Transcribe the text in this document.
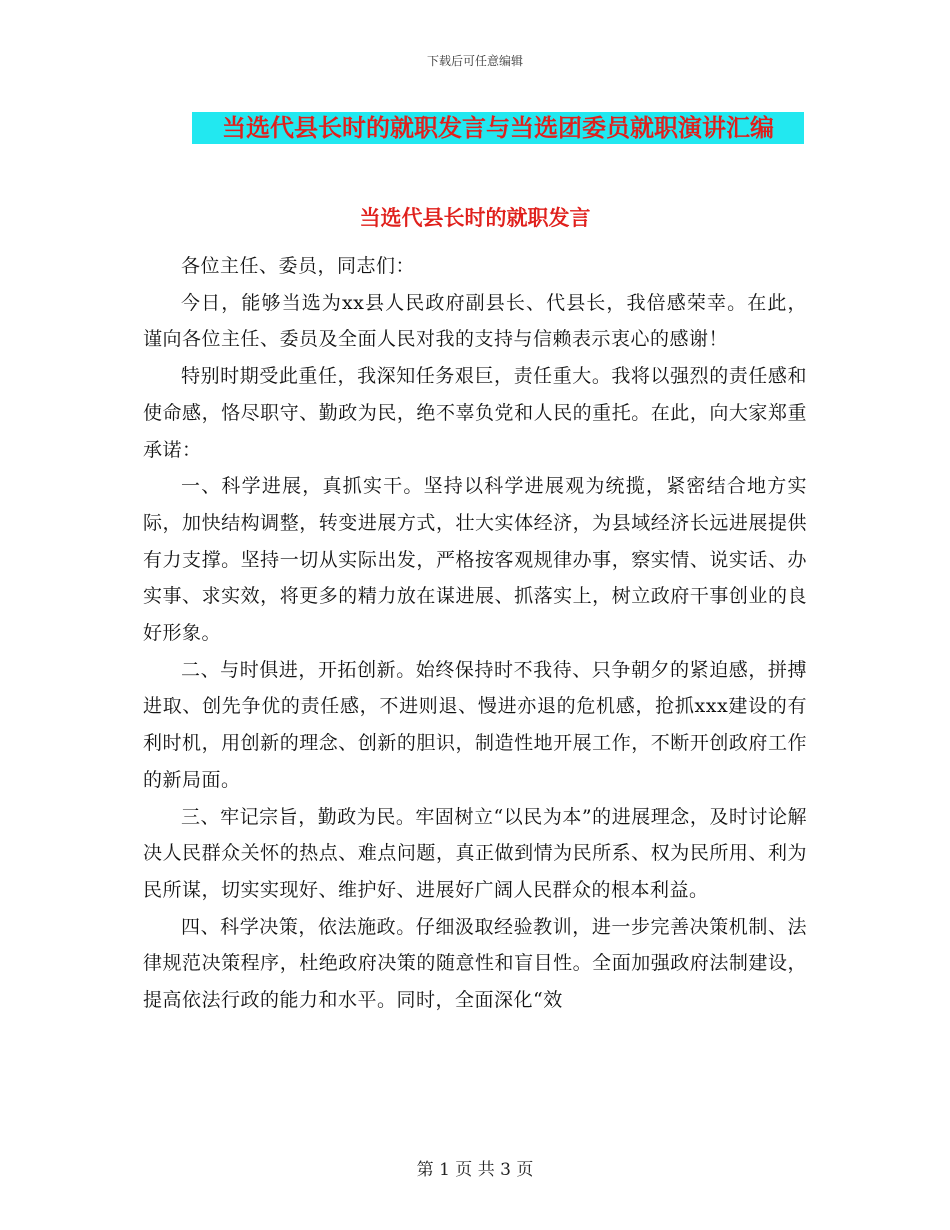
下载后可任意编辑
当选代县长时的就职发言与当选团委员就职演讲汇编
当选代县长时的就职发言

各位主任、委员，同志们：

今日，能够当选为xx县人民政府副县长、代县长，我倍感荣幸。在此，谨向各位主任、委员及全面人民对我的支持与信赖表示衷心的感谢！

特别时期受此重任，我深知任务艰巨，责任重大。我将以强烈的责任感和使命感，恪尽职守、勤政为民，绝不辜负党和人民的重托。在此，向大家郑重承诺：

一、科学进展，真抓实干。坚持以科学进展观为统揽，紧密结合地方实际，加快结构调整，转变进展方式，壮大实体经济，为县域经济长远进展提供有力支撑。坚持一切从实际出发，严格按客观规律办事，察实情、说实话、办实事、求实效，将更多的精力放在谋进展、抓落实上，树立政府干事创业的良好形象。

二、与时俱进，开拓创新。始终保持时不我待、只争朝夕的紧迫感，拼搏进取、创先争优的责任感，不进则退、慢进亦退的危机感，抢抓xxx建设的有利时机，用创新的理念、创新的胆识，制造性地开展工作，不断开创政府工作的新局面。

三、牢记宗旨，勤政为民。牢固树立“以民为本”的进展理念，及时讨论解决人民群众关怀的热点、难点问题，真正做到情为民所系、权为民所用、利为民所谋，切实实现好、维护好、进展好广阔人民群众的根本利益。

四、科学决策，依法施政。仔细汲取经验教训，进一步完善决策机制、法律规范决策程序，杜绝政府决策的随意性和盲目性。全面加强政府法制建设，提高依法行政的能力和水平。同时，全面深化“效

第 1 页 共 3 页
